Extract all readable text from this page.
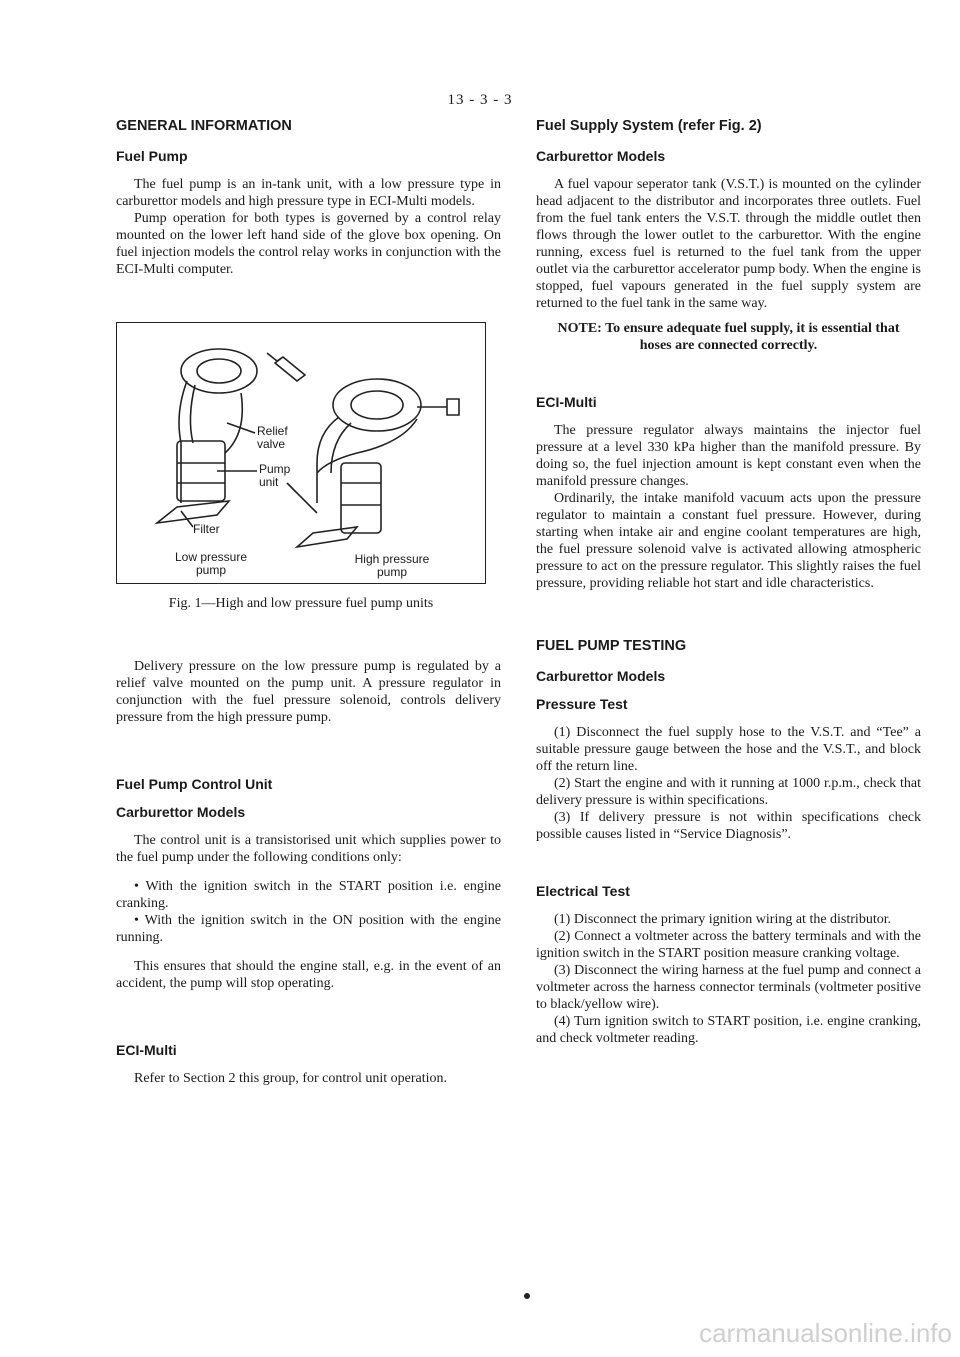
13 - 3 - 3
GENERAL INFORMATION
Fuel Pump

The fuel pump is an in-tank unit, with a low pressure type in carburettor models and high pressure type in ECI-Multi models.

Pump operation for both types is governed by a control relay mounted on the lower left hand side of the glove box opening. On fuel injection models the control relay works in conjunction with the ECI-Multi computer.

Relief
valve
Pump
unit
Filter
Low pressure
pump
High pressure
pump
Fig. 1—High and low pressure fuel pump units

Delivery pressure on the low pressure pump is regulated by a relief valve mounted on the pump unit. A pressure regulator in conjunction with the fuel pressure solenoid, controls delivery pressure from the high pressure pump.

Fuel Pump Control Unit
Carburettor Models

The control unit is a transistorised unit which supplies power to the fuel pump under the following conditions only:

• With the ignition switch in the START position i.e. engine cranking.

• With the ignition switch in the ON position with the engine running.

This ensures that should the engine stall, e.g. in the event of an accident, the pump will stop operating.

ECI-Multi

Refer to Section 2 this group, for control unit operation.

Fuel Supply System (refer Fig. 2)
Carburettor Models

A fuel vapour seperator tank (V.S.T.) is mounted on the cylinder head adjacent to the distributor and incorporates three outlets. Fuel from the fuel tank enters the V.S.T. through the middle outlet then flows through the lower outlet to the carburettor. With the engine running, excess fuel is returned to the fuel tank from the upper outlet via the carburettor accelerator pump body. When the engine is stopped, fuel vapours generated in the fuel supply system are returned to the fuel tank in the same way.

NOTE: To ensure adequate fuel supply, it is essential that hoses are connected correctly.

ECI-Multi

The pressure regulator always maintains the injector fuel pressure at a level 330 kPa higher than the manifold pressure. By doing so, the fuel injection amount is kept constant even when the manifold pressure changes.

Ordinarily, the intake manifold vacuum acts upon the pressure regulator to maintain a constant fuel pressure. However, during starting when intake air and engine coolant temperatures are high, the fuel pressure solenoid valve is activated allowing atmospheric pressure to act on the pressure regulator. This slightly raises the fuel pressure, providing reliable hot start and idle characteristics.

FUEL PUMP TESTING
Carburettor Models
Pressure Test

(1) Disconnect the fuel supply hose to the V.S.T. and “Tee” a suitable pressure gauge between the hose and the V.S.T., and block off the return line.

(2) Start the engine and with it running at 1000 r.p.m., check that delivery pressure is within specifications.

(3) If delivery pressure is not within specifications check possible causes listed in “Service Diagnosis”.

Electrical Test

(1) Disconnect the primary ignition wiring at the distributor.

(2) Connect a voltmeter across the battery terminals and with the ignition switch in the START position measure cranking voltage.

(3) Disconnect the wiring harness at the fuel pump and connect a voltmeter across the harness connector terminals (voltmeter positive to black/yellow wire).

(4) Turn ignition switch to START position, i.e. engine cranking, and check voltmeter reading.

carmanualsonline.info
